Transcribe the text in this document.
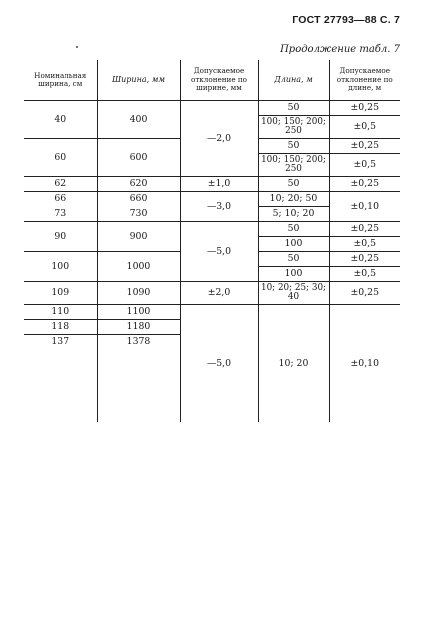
ГОСТ 27793—88 С. 7
Продолжение табл. 7
Номинальная ширина, см	Ширина, мм	Допускаемое отклонение по ширине, мм	Длина, м	Допускаемое отклонение по длине, м
40	400	—2,0	50	±0,25
			100; 150; 200; 250	±0,5
60	600		50	±0,25
			100; 150; 200; 250	±0,5
62	620	±1,0	50	±0,25
66	660	—3,0	10; 20; 50	±0,10
73	730		5; 10; 20	
90	900	—5,0	50	±0,25
			100	±0,5
100	1000		50	±0,25
			100	±0,5
109	1090	±2,0	10; 20; 25; 30; 40	±0,25
110	1100	—5,0	10; 20	±0,10
118	1180			
137	1378			
